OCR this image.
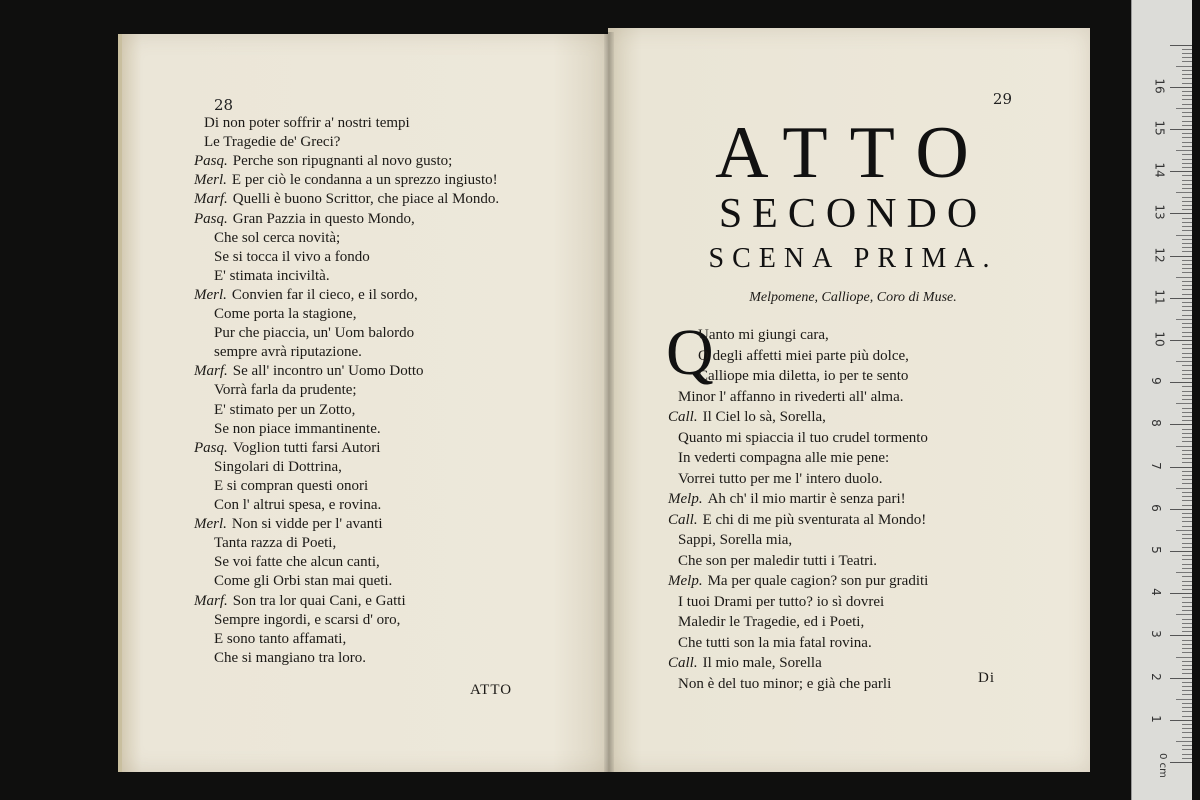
28
Di non poter soffrir a' nostri tempi
Le Tragedie de' Greci?
Pasq. Perche son ripugnanti al novo gusto;
Merl. E per ciò le condanna a un sprezzo ingiusto!
Marf. Quelli è buono Scrittor, che piace al Mondo.
Pasq. Gran Pazzia in questo Mondo,
Che sol cerca novità;
Se si tocca il vivo a fondo
E' stimata inciviltà.
Merl. Convien far il cieco, e il sordo,
Come porta la stagione,
Pur che piaccia, un' Uom balordo
sempre avrà riputazione.
Marf. Se all' incontro un' Uomo Dotto
Vorrà farla da prudente;
E' stimato per un Zotto,
Se non piace immantinente.
Pasq. Voglion tutti farsi Autori
Singolari di Dottrina,
E si compran questi onori
Con l' altrui spesa, e rovina.
Merl. Non si vidde per l' avanti
Tanta razza di Poeti,
Se voi fatte che alcun canti,
Come gli Orbi stan mai queti.
Marf. Son tra lor quai Cani, e Gatti
Sempre ingordi, e scarsi d' oro,
E sono tanto affamati,
Che si mangiano tra loro.
ATTO
29
ATTO
SECONDO
SCENA PRIMA.
Melpomene, Calliope, Coro di Muse.
Q
Uanto mi giungi cara,
O degli affetti miei parte più dolce,
Calliope mia diletta, io per te sento
Minor l' affanno in rivederti all' alma.
Call. Il Ciel lo sà, Sorella,
Quanto mi spiaccia il tuo crudel tormento
In vederti compagna alle mie pene:
Vorrei tutto per me l' intero duolo.
Melp. Ah ch' il mio martir è senza pari!
Call. E chi di me più sventurata al Mondo!
Sappi, Sorella mia,
Che son per maledir tutti i Teatri.
Melp. Ma per quale cagion? son pur graditi
I tuoi Drami per tutto? io sì dovrei
Maledir le Tragedie, ed i Poeti,
Che tutti son la mia fatal rovina.
Call. Il mio male, Sorella
Non è del tuo minor; e già che parli	Di
16
15
14
13
12
11
10
9
8
7
6
5
4
3
2
1
0 cm
